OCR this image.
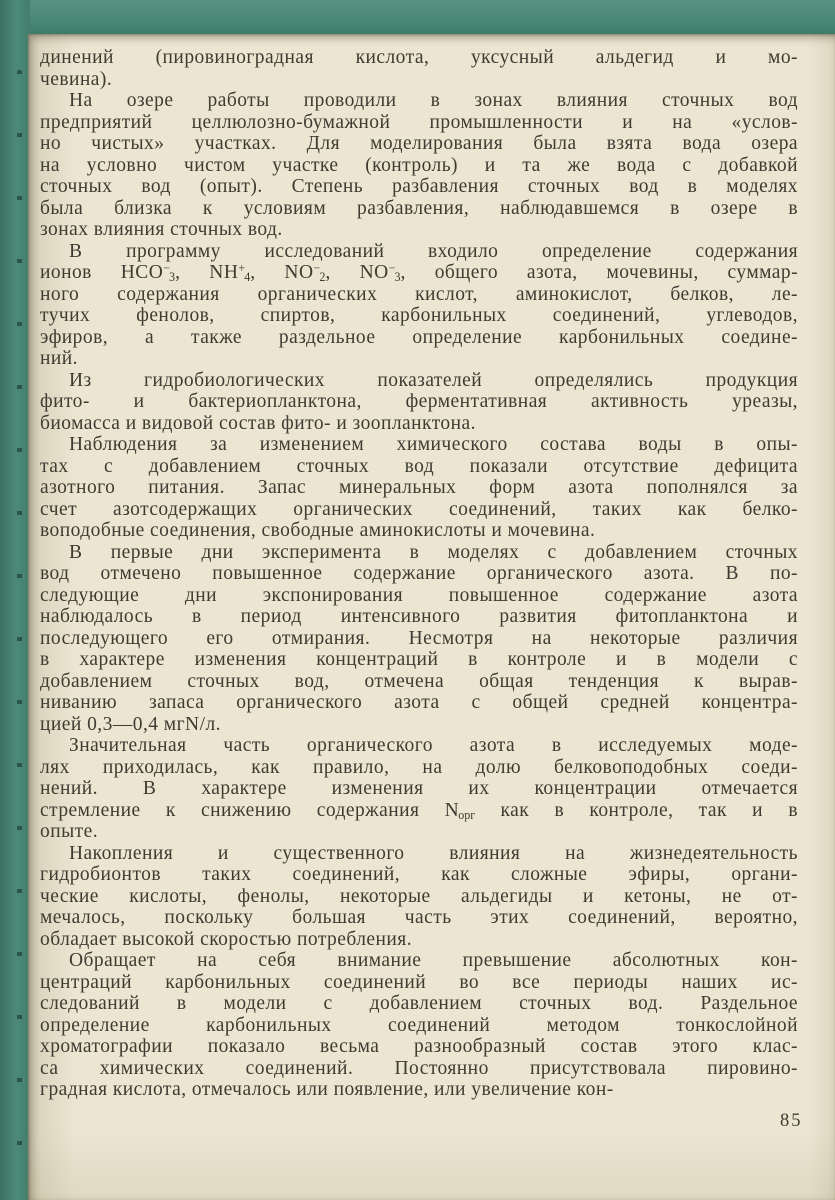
динений (пировиноградная кислота, уксусный альдегид и мо-
чевина).
На озере работы проводили в зонах влияния сточных вод
предприятий целлюлозно-бумажной промышленности и на «услов-
но чистых» участках. Для моделирования была взята вода озера
на условно чистом участке (контроль) и та же вода с добавкой
сточных вод (опыт). Степень разбавления сточных вод в моделях
была близка к условиям разбавления, наблюдавшемся в озере в
зонах влияния сточных вод.
В программу исследований входило определение содержания
ионов $HCO^-_3$, $NH^+_4$, $NO^-_2$, $NO^-_3$, общего азота, мочевины, суммар-
ного содержания органических кислот, аминокислот, белков, ле-
тучих фенолов, спиртов, карбонильных соединений, углеводов,
эфиров, а также раздельное определение карбонильных соедине-
ний.
Из гидробиологических показателей определялись продукция
фито- и бактериопланктона, ферментативная активность уреазы,
биомасса и видовой состав фито- и зоопланктона.
Наблюдения за изменением химического состава воды в опы-
тах с добавлением сточных вод показали отсутствие дефицита
азотного питания. Запас минеральных форм азота пополнялся за
счет азотсодержащих органических соединений, таких как белко-
воподобные соединения, свободные аминокислоты и мочевина.
В первые дни эксперимента в моделях с добавлением сточных
вод отмечено повышенное содержание органического азота. В по-
следующие дни экспонирования повышенное содержание азота
наблюдалось в период интенсивного развития фитопланктона и
последующего его отмирания. Несмотря на некоторые различия
в характере изменения концентраций в контроле и в модели с
добавлением сточных вод, отмечена общая тенденция к вырав-
ниванию запаса органического азота с общей средней концентра-
цией 0,3—0,4 мгN/л.
Значительная часть органического азота в исследуемых моде-
лях приходилась, как правило, на долю белковоподобных соеди-
нений. В характере изменения их концентрации отмечается
стремление к снижению содержания $N_{орг}$ как в контроле, так и в
опыте.
Накопления и существенного влияния на жизнедеятельность
гидробионтов таких соединений, как сложные эфиры, органи-
ческие кислоты, фенолы, некоторые альдегиды и кетоны, не от-
мечалось, поскольку большая часть этих соединений, вероятно,
обладает высокой скоростью потребления.
Обращает на себя внимание превышение абсолютных кон-
центраций карбонильных соединений во все периоды наших ис-
следований в модели с добавлением сточных вод. Раздельное
определение карбонильных соединений методом тонкослойной
хроматографии показало весьма разнообразный состав этого клас-
са химических соединений. Постоянно присутствовала пировино-
градная кислота, отмечалось или появление, или увеличение кон-
85
